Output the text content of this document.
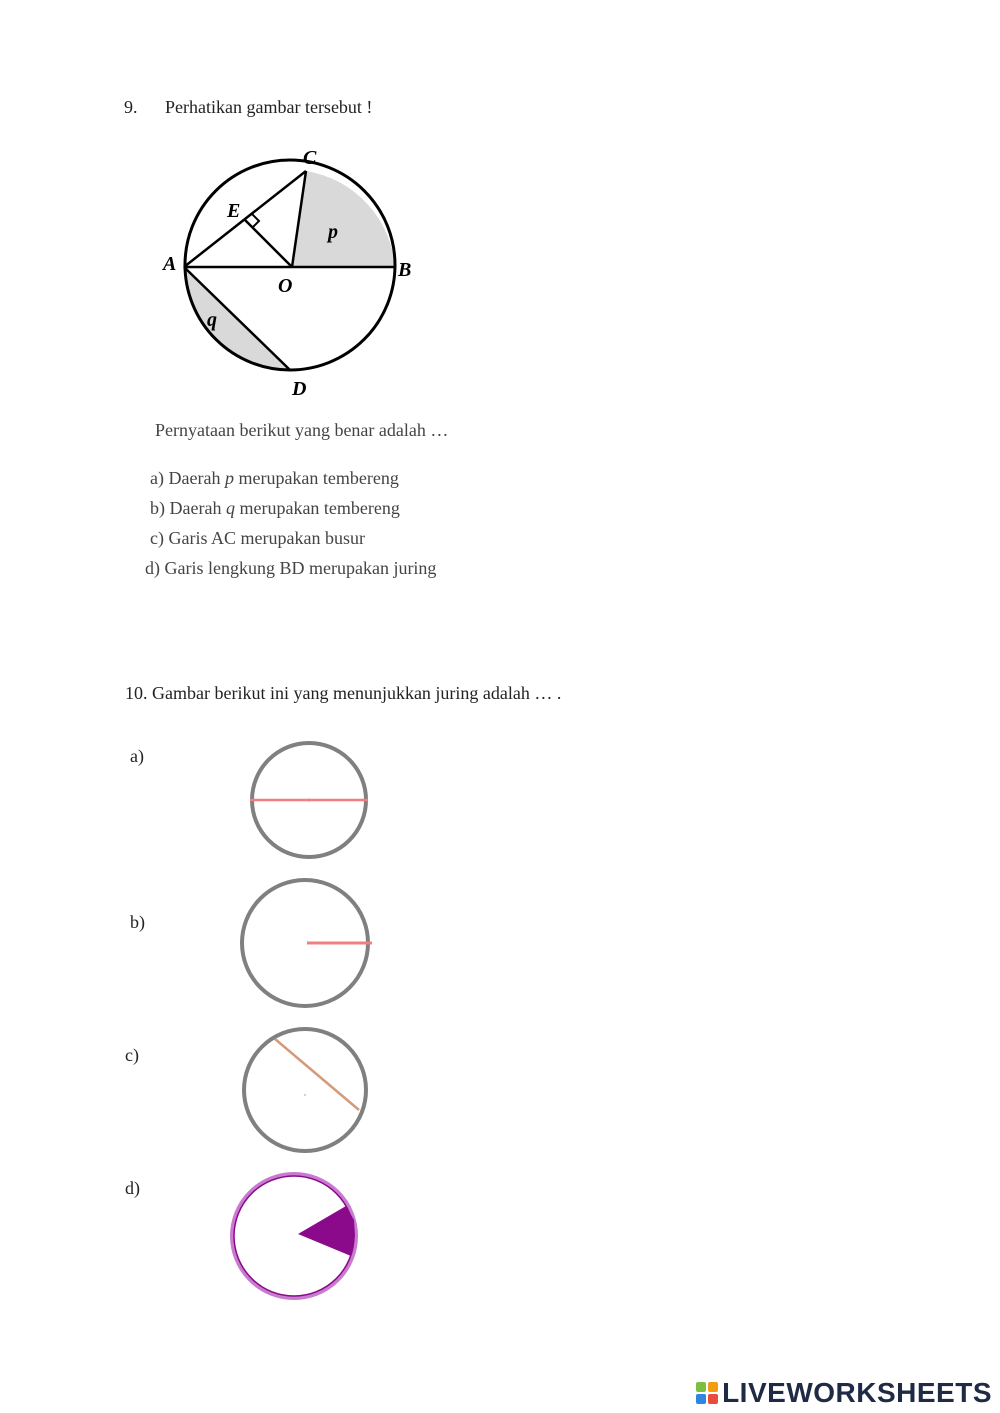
9. Perhatikan gambar tersebut !
C
E
p
A
O
B
q
D
Pernyataan berikut yang benar adalah …
a) Daerah p merupakan tembereng
b) Daerah q merupakan tembereng
c) Garis AC merupakan busur
d) Garis lengkung BD merupakan juring
10. Gambar berikut ini yang menunjukkan juring adalah … .
a)
b)
c)
d)
LIVEWORKSHEETS
